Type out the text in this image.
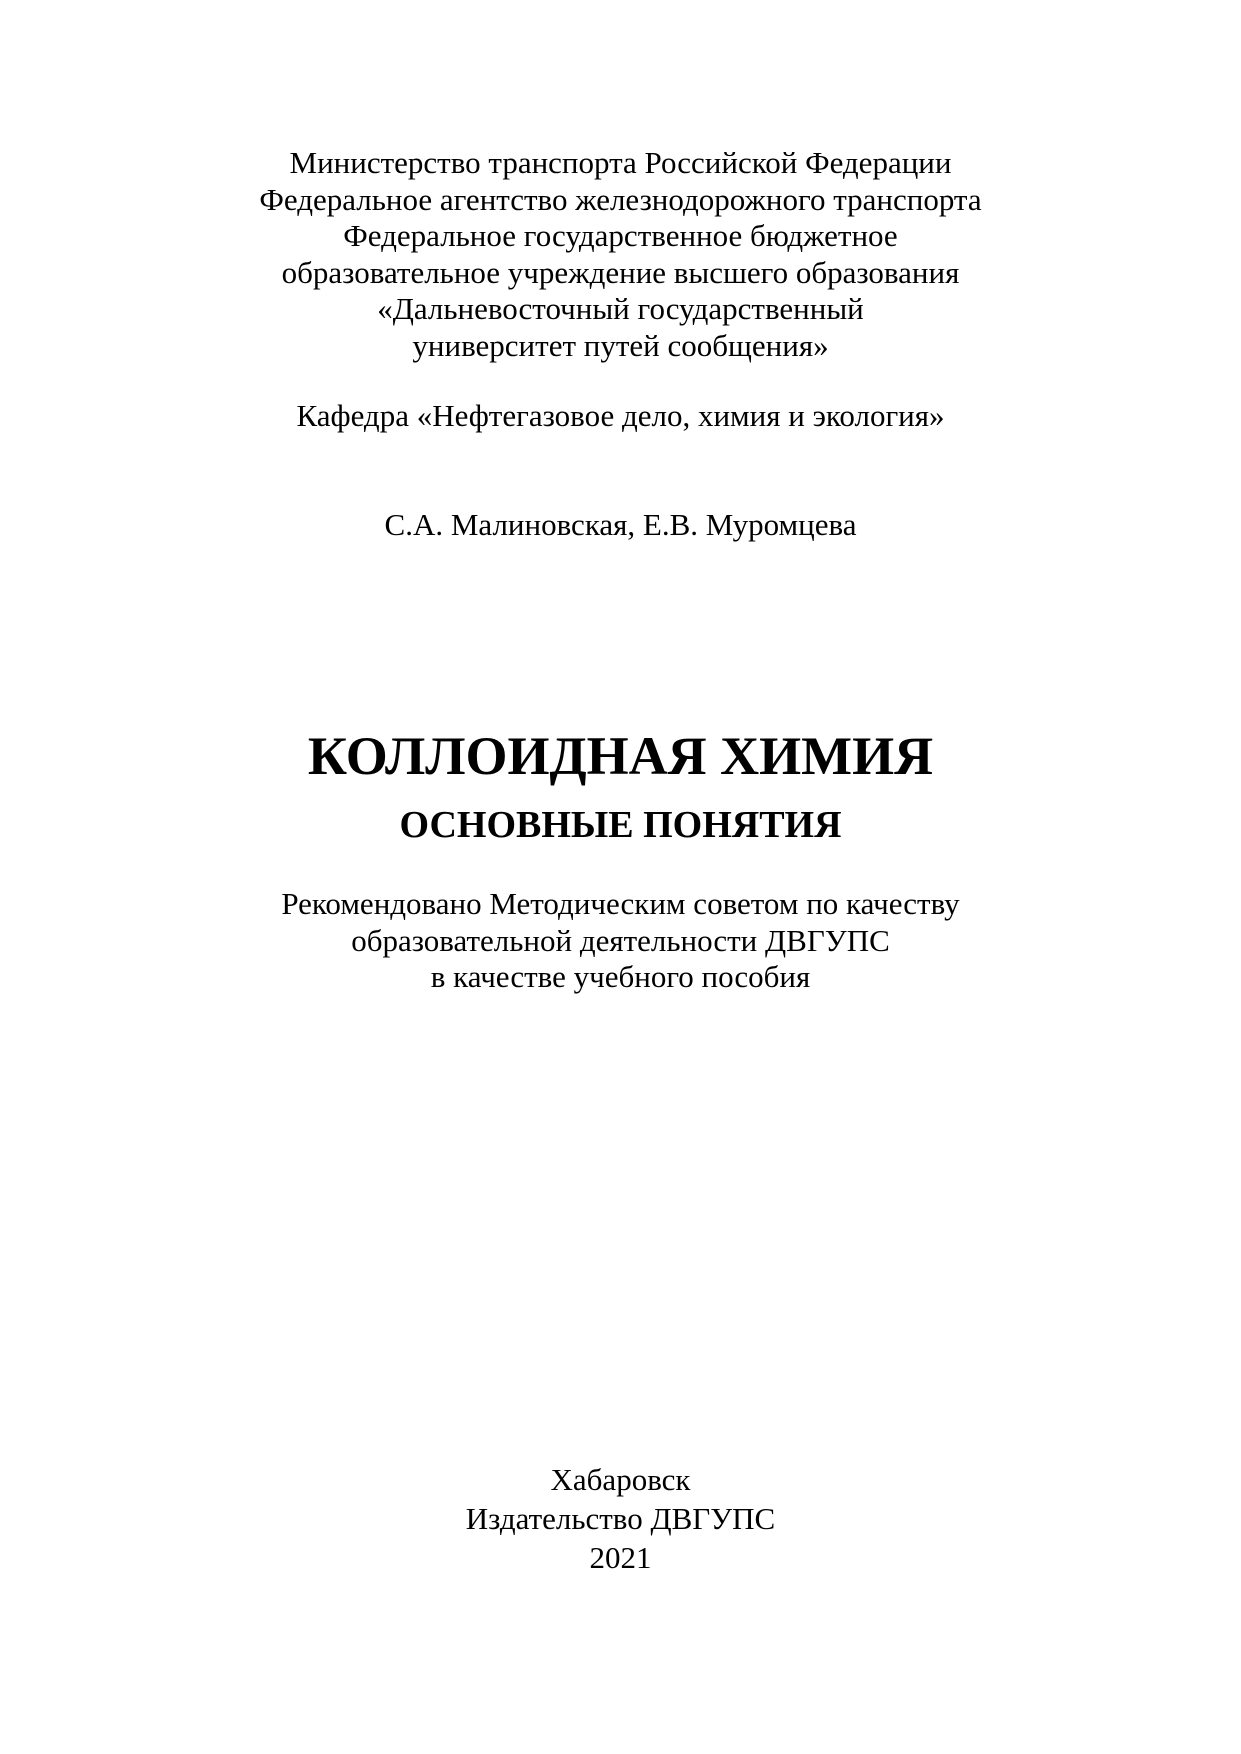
Министерство транспорта Российской Федерации
Федеральное агентство железнодорожного транспорта
Федеральное государственное бюджетное
образовательное учреждение высшего образования
«Дальневосточный государственный
университет путей сообщения»
Кафедра «Нефтегазовое дело, химия и экология»
С.А. Малиновская, Е.В. Муромцева
КОЛЛОИДНАЯ ХИМИЯ
ОСНОВНЫЕ ПОНЯТИЯ
Рекомендовано Методическим советом по качеству
образовательной деятельности ДВГУПС
в качестве учебного пособия
Хабаровск
Издательство ДВГУПС
2021
